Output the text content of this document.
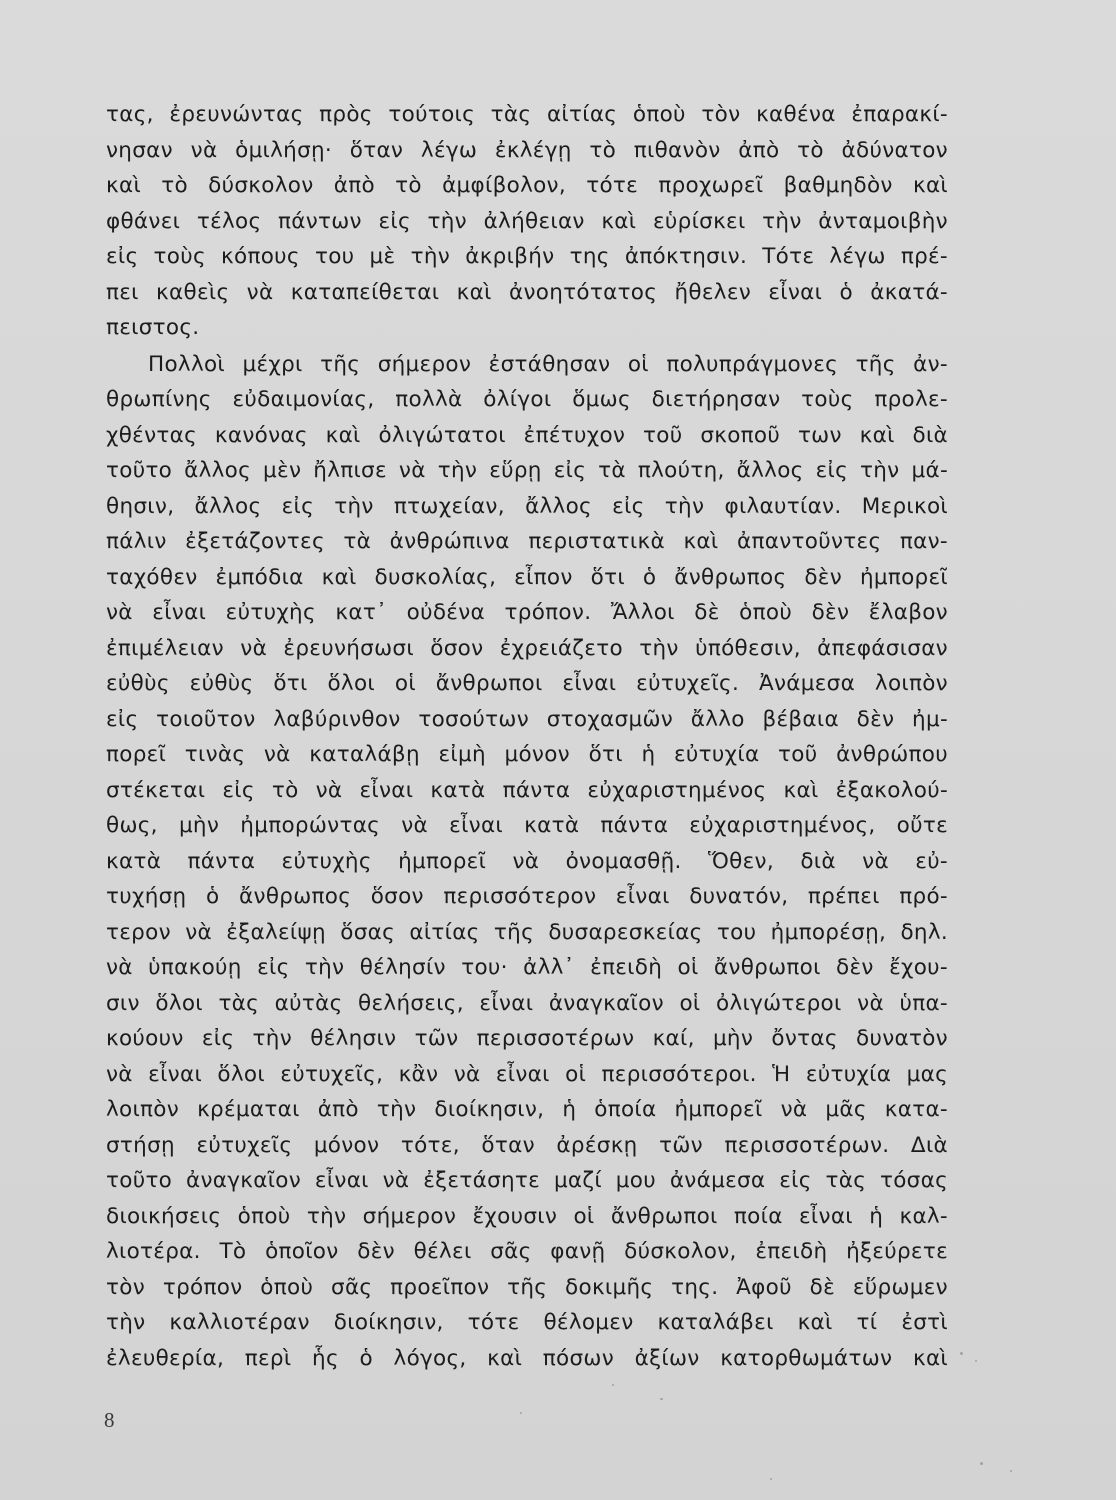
τας, ἐρευνώντας πρὸς τούτοις τὰς αἰτίας ὁποὺ τὸν καθένα ἐπαρακί-
νησαν νὰ ὁμιλήσῃ· ὅταν λέγω ἐκλέγῃ τὸ πιθανὸν ἀπὸ τὸ ἀδύνατον
καὶ τὸ δύσκολον ἀπὸ τὸ ἀμφίβολον, τότε προχωρεῖ βαθμηδὸν καὶ
φθάνει τέλος πάντων εἰς τὴν ἀλήθειαν καὶ εὑρίσκει τὴν ἀνταμοιβὴν
εἰς τοὺς κόπους του μὲ τὴν ἀκριβήν της ἀπόκτησιν. Τότε λέγω πρέ-
πει καθεὶς νὰ καταπείθεται καὶ ἀνοητότατος ἤθελεν εἶναι ὁ ἀκατά-
πειστος.
Πολλοὶ μέχρι τῆς σήμερον ἐστάθησαν οἱ πολυπράγμονες τῆς ἀν-
θρωπίνης εὐδαιμονίας, πολλὰ ὀλίγοι ὅμως διετήρησαν τοὺς προλε-
χθέντας κανόνας καὶ ὀλιγώτατοι ἐπέτυχον τοῦ σκοποῦ των καὶ διὰ
τοῦτο ἄλλος μὲν ἤλπισε νὰ τὴν εὕρῃ εἰς τὰ πλούτη, ἄλλος εἰς τὴν μά-
θησιν, ἄλλος εἰς τὴν πτωχείαν, ἄλλος εἰς τὴν φιλαυτίαν. Μερικοὶ
πάλιν ἐξετάζοντες τὰ ἀνθρώπινα περιστατικὰ καὶ ἀπαντοῦντες παν-
ταχόθεν ἐμπόδια καὶ δυσκολίας, εἶπον ὅτι ὁ ἄνθρωπος δὲν ἠμπορεῖ
νὰ εἶναι εὐτυχὴς κατ᾽ οὐδένα τρόπον. Ἄλλοι δὲ ὁποὺ δὲν ἔλαβον
ἐπιμέλειαν νὰ ἐρευνήσωσι ὅσον ἐχρειάζετο τὴν ὑπόθεσιν, ἀπεφάσισαν
εὐθὺς εὐθὺς ὅτι ὅλοι οἱ ἄνθρωποι εἶναι εὐτυχεῖς. Ἀνάμεσα λοιπὸν
εἰς τοιοῦτον λαβύρινθον τοσούτων στοχασμῶν ἄλλο βέβαια δὲν ἠμ-
πορεῖ τινὰς νὰ καταλάβῃ εἰμὴ μόνον ὅτι ἡ εὐτυχία τοῦ ἀνθρώπου
στέκεται εἰς τὸ νὰ εἶναι κατὰ πάντα εὐχαριστημένος καὶ ἐξακολού-
θως, μὴν ἠμπορώντας νὰ εἶναι κατὰ πάντα εὐχαριστημένος, οὔτε
κατὰ πάντα εὐτυχὴς ἠμπορεῖ νὰ ὀνομασθῇ. Ὅθεν, διὰ νὰ εὐ-
τυχήσῃ ὁ ἄνθρωπος ὅσον περισσότερον εἶναι δυνατόν, πρέπει πρό-
τερον νὰ ἐξαλείψῃ ὅσας αἰτίας τῆς δυσαρεσκείας του ἠμπορέσῃ, δηλ.
νὰ ὑπακούῃ εἰς τὴν θέλησίν του· ἀλλ᾽ ἐπειδὴ οἱ ἄνθρωποι δὲν ἔχου-
σιν ὅλοι τὰς αὐτὰς θελήσεις, εἶναι ἀναγκαῖον οἱ ὀλιγώτεροι νὰ ὑπα-
κούουν εἰς τὴν θέλησιν τῶν περισσοτέρων καί, μὴν ὄντας δυνατὸν
νὰ εἶναι ὅλοι εὐτυχεῖς, κἂν νὰ εἶναι οἱ περισσότεροι. Ἡ εὐτυχία μας
λοιπὸν κρέμαται ἀπὸ τὴν διοίκησιν, ἡ ὁποία ἠμπορεῖ νὰ μᾶς κατα-
στήσῃ εὐτυχεῖς μόνον τότε, ὅταν ἀρέσκῃ τῶν περισσοτέρων. Διὰ
τοῦτο ἀναγκαῖον εἶναι νὰ ἐξετάσητε μαζί μου ἀνάμεσα εἰς τὰς τόσας
διοικήσεις ὁποὺ τὴν σήμερον ἔχουσιν οἱ ἄνθρωποι ποία εἶναι ἡ καλ-
λιοτέρα. Τὸ ὁποῖον δὲν θέλει σᾶς φανῇ δύσκολον, ἐπειδὴ ἠξεύρετε
τὸν τρόπον ὁποὺ σᾶς προεῖπον τῆς δοκιμῆς της. Ἀφοῦ δὲ εὕρωμεν
τὴν καλλιοτέραν διοίκησιν, τότε θέλομεν καταλάβει καὶ τί ἐστὶ
ἐλευθερία, περὶ ἧς ὁ λόγος, καὶ πόσων ἀξίων κατορθωμάτων καὶ
8
